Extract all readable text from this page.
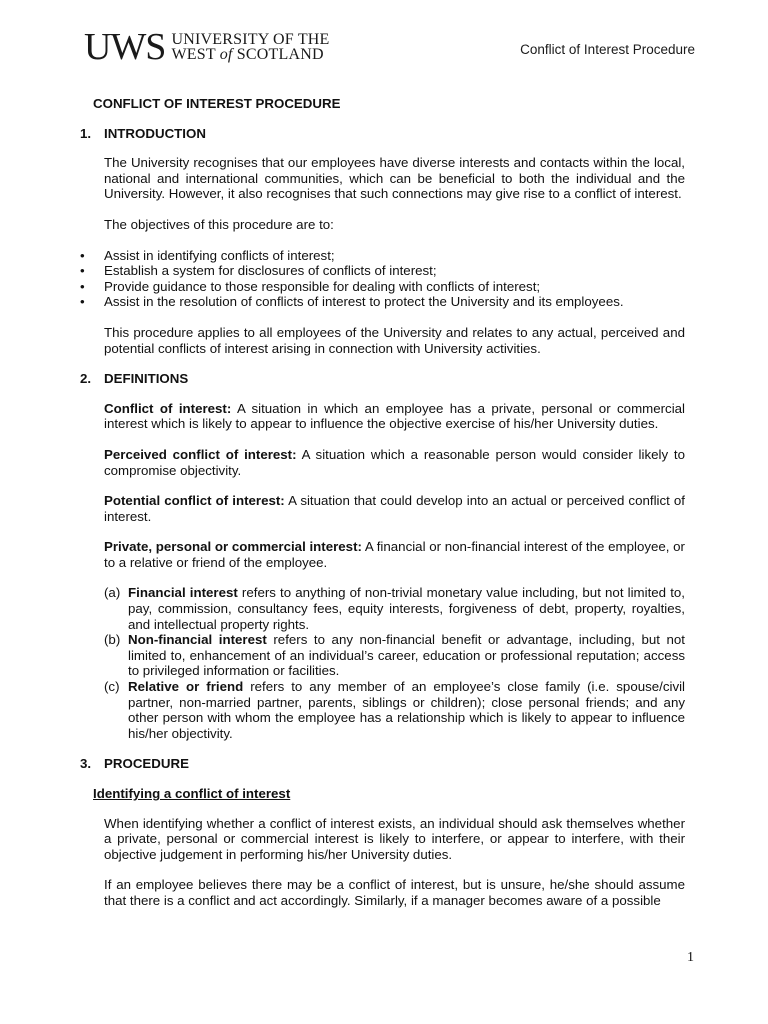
UWS UNIVERSITY OF THE
WEST of SCOTLAND	Conflict of Interest Procedure

CONFLICT OF INTEREST PROCEDURE

1. INTRODUCTION

The University recognises that our employees have diverse interests and contacts within the local, national and international communities, which can be beneficial to both the individual and the University. However, it also recognises that such connections may give rise to a conflict of interest.

The objectives of this procedure are to:

•	Assist in identifying conflicts of interest;
•	Establish a system for disclosures of conflicts of interest;
•	Provide guidance to those responsible for dealing with conflicts of interest;
•	Assist in the resolution of conflicts of interest to protect the University and its employees.

This procedure applies to all employees of the University and relates to any actual, perceived and potential conflicts of interest arising in connection with University activities.

2. DEFINITIONS

Conflict of interest: A situation in which an employee has a private, personal or commercial interest which is likely to appear to influence the objective exercise of his/her University duties.

Perceived conflict of interest: A situation which a reasonable person would consider likely to compromise objectivity.

Potential conflict of interest: A situation that could develop into an actual or perceived conflict of interest.

Private, personal or commercial interest: A financial or non-financial interest of the employee, or to a relative or friend of the employee.

(a) Financial interest refers to anything of non-trivial monetary value including, but not limited to, pay, commission, consultancy fees, equity interests, forgiveness of debt, property, royalties, and intellectual property rights.
(b) Non-financial interest refers to any non-financial benefit or advantage, including, but not limited to, enhancement of an individual’s career, education or professional reputation; access to privileged information or facilities.
(c) Relative or friend refers to any member of an employee’s close family (i.e. spouse/civil partner, non-married partner, parents, siblings or children); close personal friends; and any other person with whom the employee has a relationship which is likely to appear to influence his/her objectivity.
3. PROCEDURE

Identifying a conflict of interest

When identifying whether a conflict of interest exists, an individual should ask themselves whether a private, personal or commercial interest is likely to interfere, or appear to interfere, with their objective judgement in performing his/her University duties.

If an employee believes there may be a conflict of interest, but is unsure, he/she should assume that there is a conflict and act accordingly. Similarly, if a manager becomes aware of a possible

1
